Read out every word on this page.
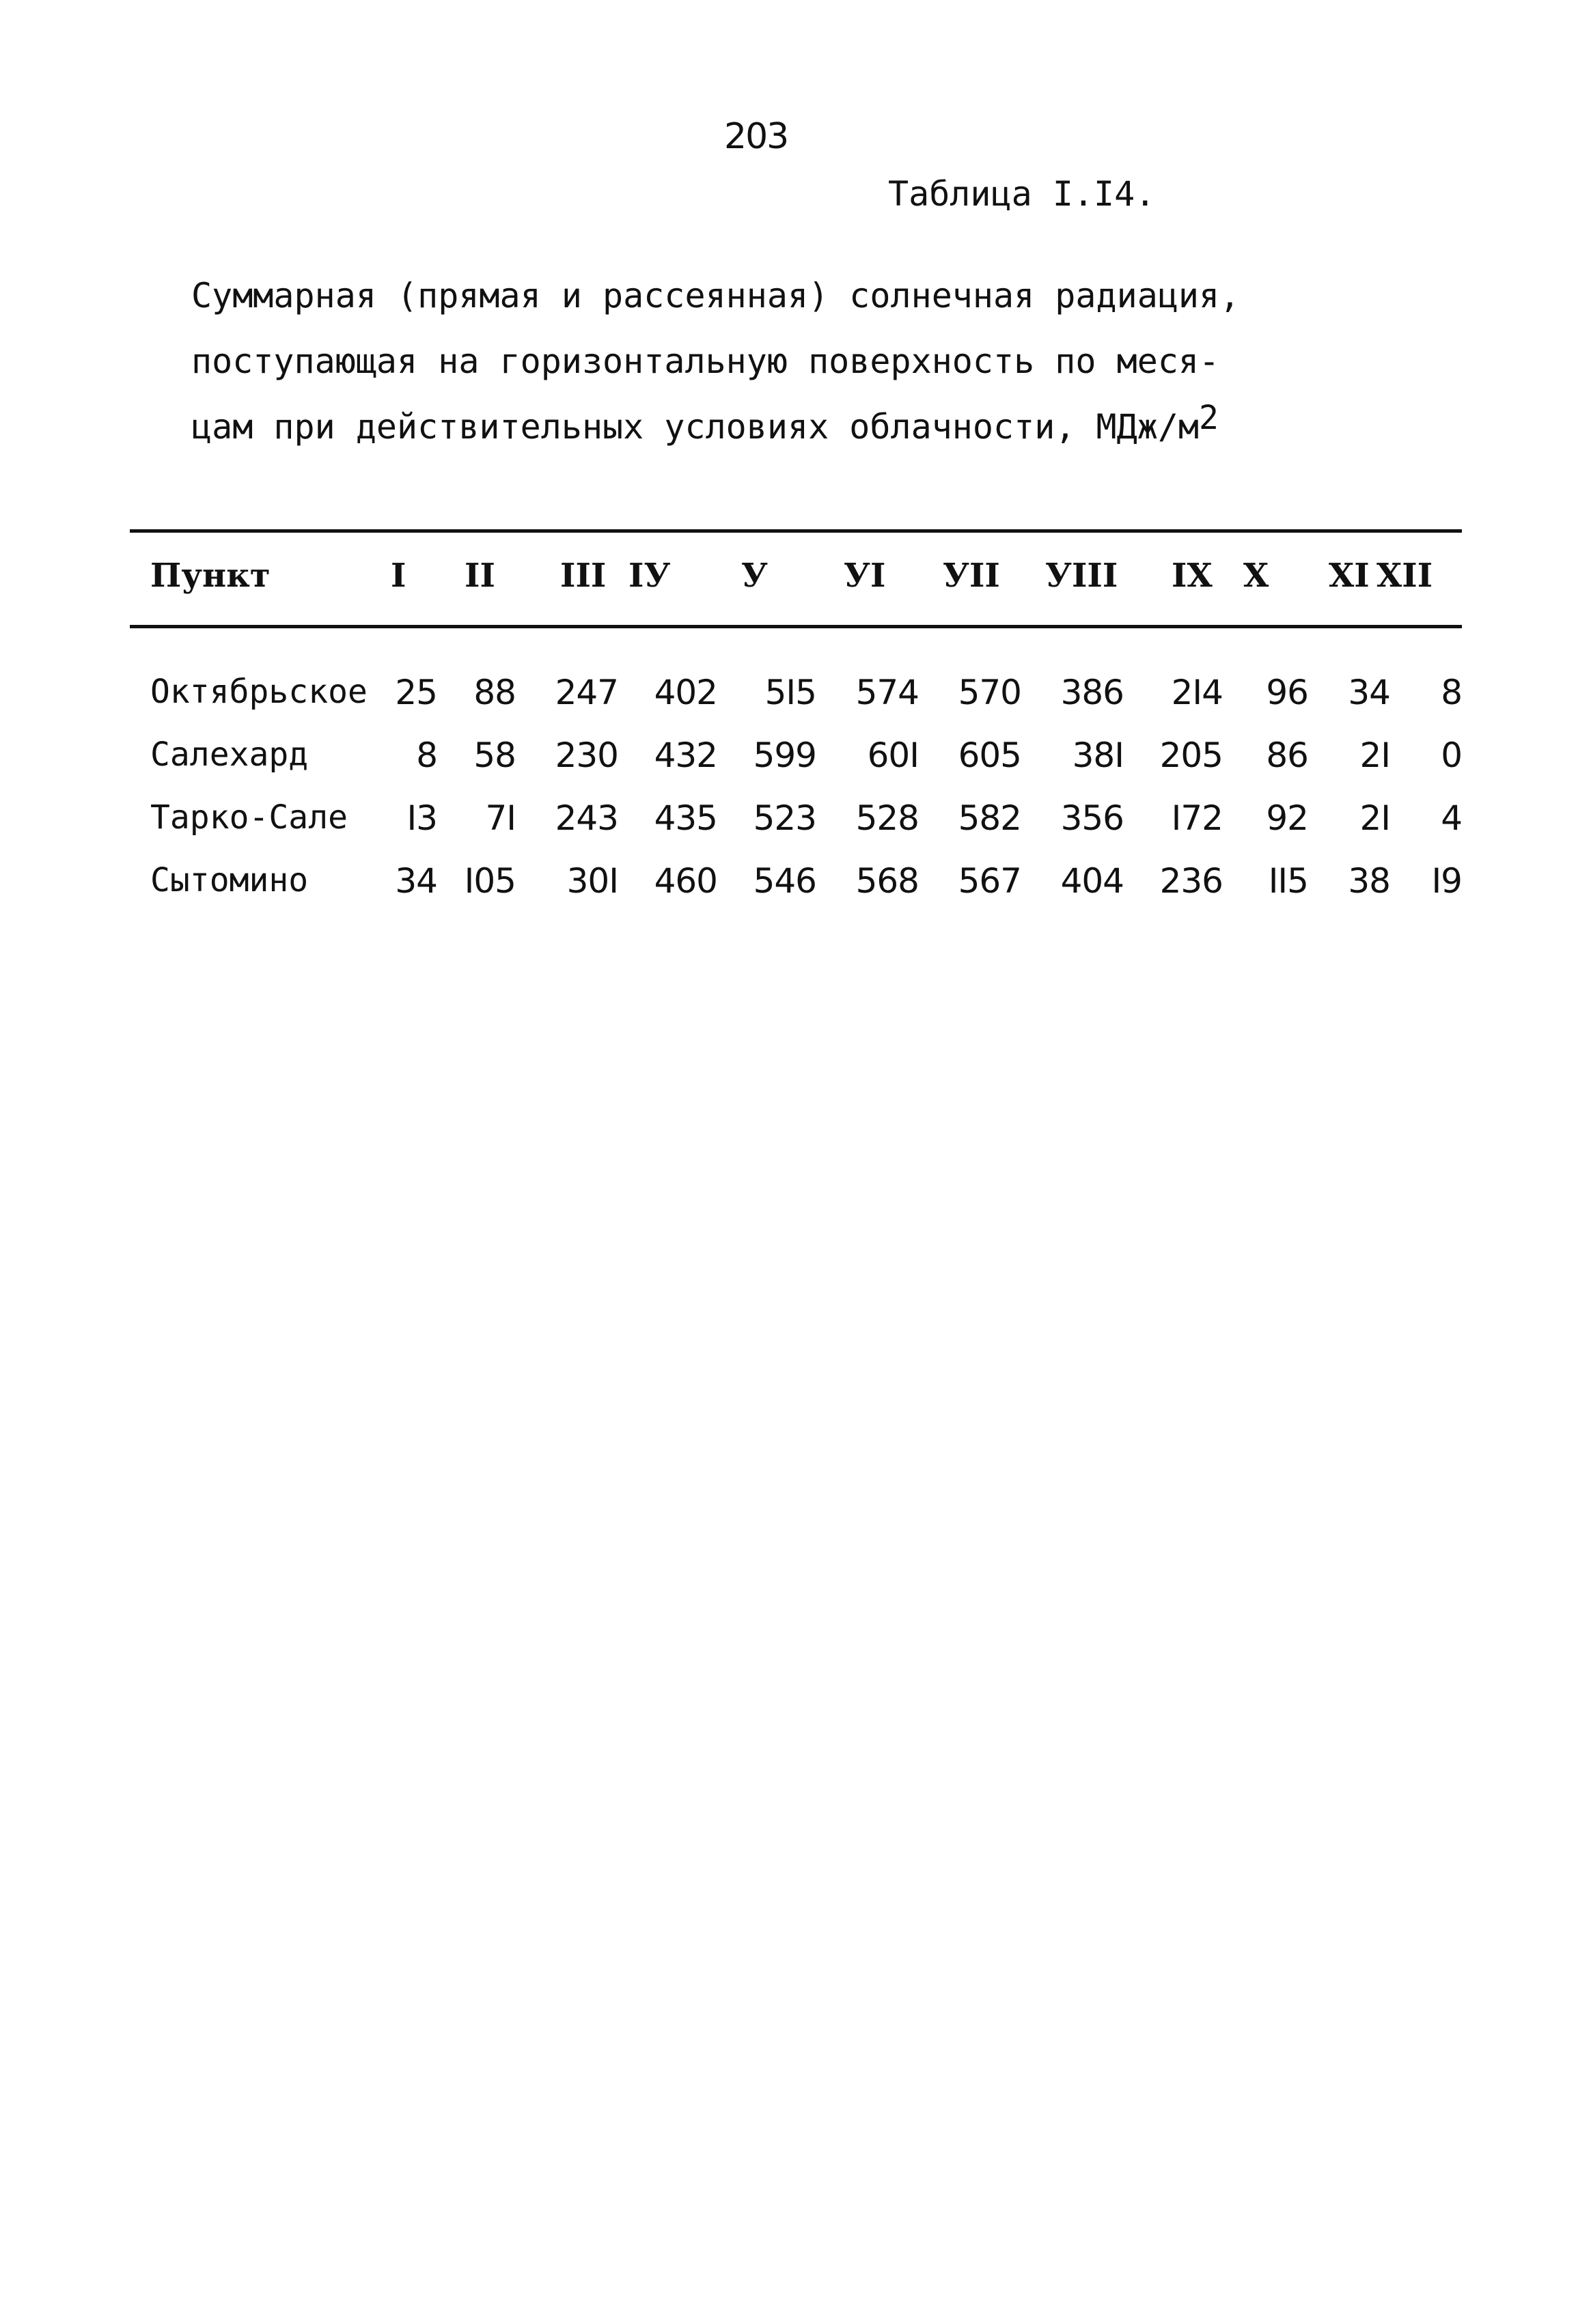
203
Таблица I.I4.
Суммарная (прямая и рассеянная) солнечная радиация,
поступающая на горизонтальную поверхность по меся-
цам при действительных условиях облачности, МДж/$м^2$
Пункт	I II III IУ У УI УII УIII IX X XI XII
Октябрьское 25	88	247	402	5I5	574	570	386	2I4	96	34	8
Салехард	8	58	230	432	599	60I	605	38I	205	86	2I	0
Тарко-Сале	I3	7I	243	435	523	528	582	356	I72	92	2I	4
Сытомино	34 I05	30I	460	546	568	567	404	236	II5	38	I9
